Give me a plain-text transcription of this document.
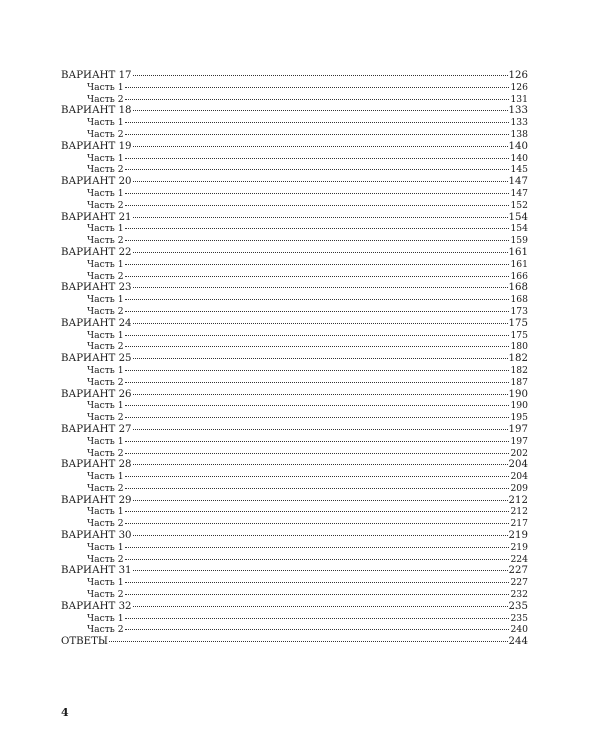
ВАРИАНТ 17	126
Часть 1	126
Часть 2	131
ВАРИАНТ 18	133
Часть 1	133
Часть 2	138
ВАРИАНТ 19	140
Часть 1	140
Часть 2	145
ВАРИАНТ 20	147
Часть 1	147
Часть 2	152
ВАРИАНТ 21	154
Часть 1	154
Часть 2	159
ВАРИАНТ 22	161
Часть 1	161
Часть 2	166
ВАРИАНТ 23	168
Часть 1	168
Часть 2	173
ВАРИАНТ 24	175
Часть 1	175
Часть 2	180
ВАРИАНТ 25	182
Часть 1	182
Часть 2	187
ВАРИАНТ 26	190
Часть 1	190
Часть 2	195
ВАРИАНТ 27	197
Часть 1	197
Часть 2	202
ВАРИАНТ 28	204
Часть 1	204
Часть 2	209
ВАРИАНТ 29	212
Часть 1	212
Часть 2	217
ВАРИАНТ 30	219
Часть 1	219
Часть 2	224
ВАРИАНТ 31	227
Часть 1	227
Часть 2	232
ВАРИАНТ 32	235
Часть 1	235
Часть 2	240
ОТВЕТЫ	244
4
